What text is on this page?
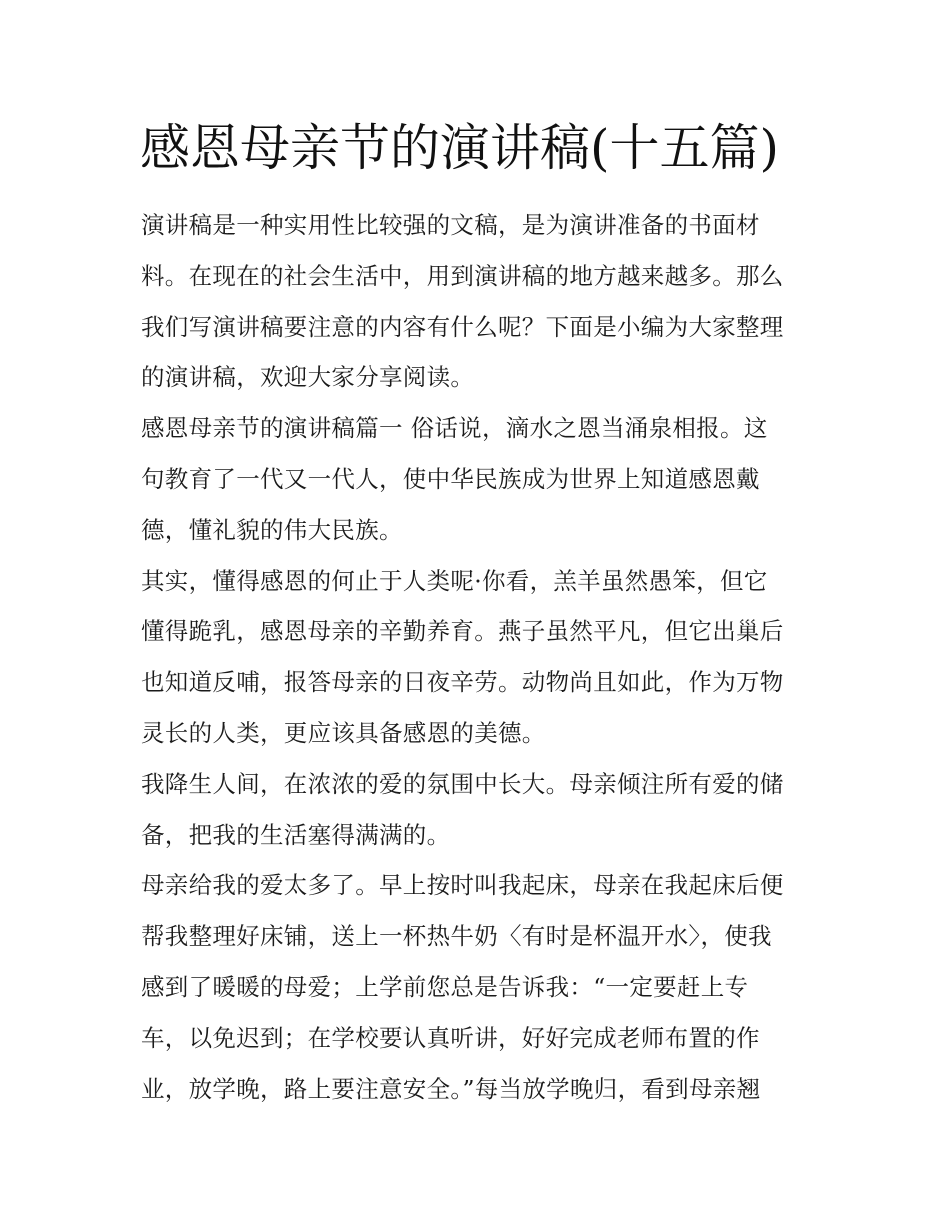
感恩母亲节的演讲稿(十五篇)
演讲稿是一种实用性比较强的文稿，是为演讲准备的书面材
料。在现在的社会生活中，用到演讲稿的地方越来越多。那么
我们写演讲稿要注意的内容有什么呢？下面是小编为大家整理
的演讲稿，欢迎大家分享阅读。
感恩母亲节的演讲稿篇一 俗话说，滴水之恩当涌泉相报。这
句教育了一代又一代人，使中华民族成为世界上知道感恩戴
德，懂礼貌的伟大民族。
其实，懂得感恩的何止于人类呢·你看，羔羊虽然愚笨，但它
懂得跪乳，感恩母亲的辛勤养育。燕子虽然平凡，但它出巢后
也知道反哺，报答母亲的日夜辛劳。动物尚且如此，作为万物
灵长的人类，更应该具备感恩的美德。
我降生人间，在浓浓的爱的氛围中长大。母亲倾注所有爱的储
备，把我的生活塞得满满的。
母亲给我的爱太多了。早上按时叫我起床，母亲在我起床后便
帮我整理好床铺，送上一杯热牛奶〈有时是杯温开水〉，使我
感到了暖暖的母爱；上学前您总是告诉我：“一定要赶上专
车，以免迟到；在学校要认真听讲，好好完成老师布置的作
业，放学晚，路上要注意安全。”每当放学晚归，看到母亲翘
